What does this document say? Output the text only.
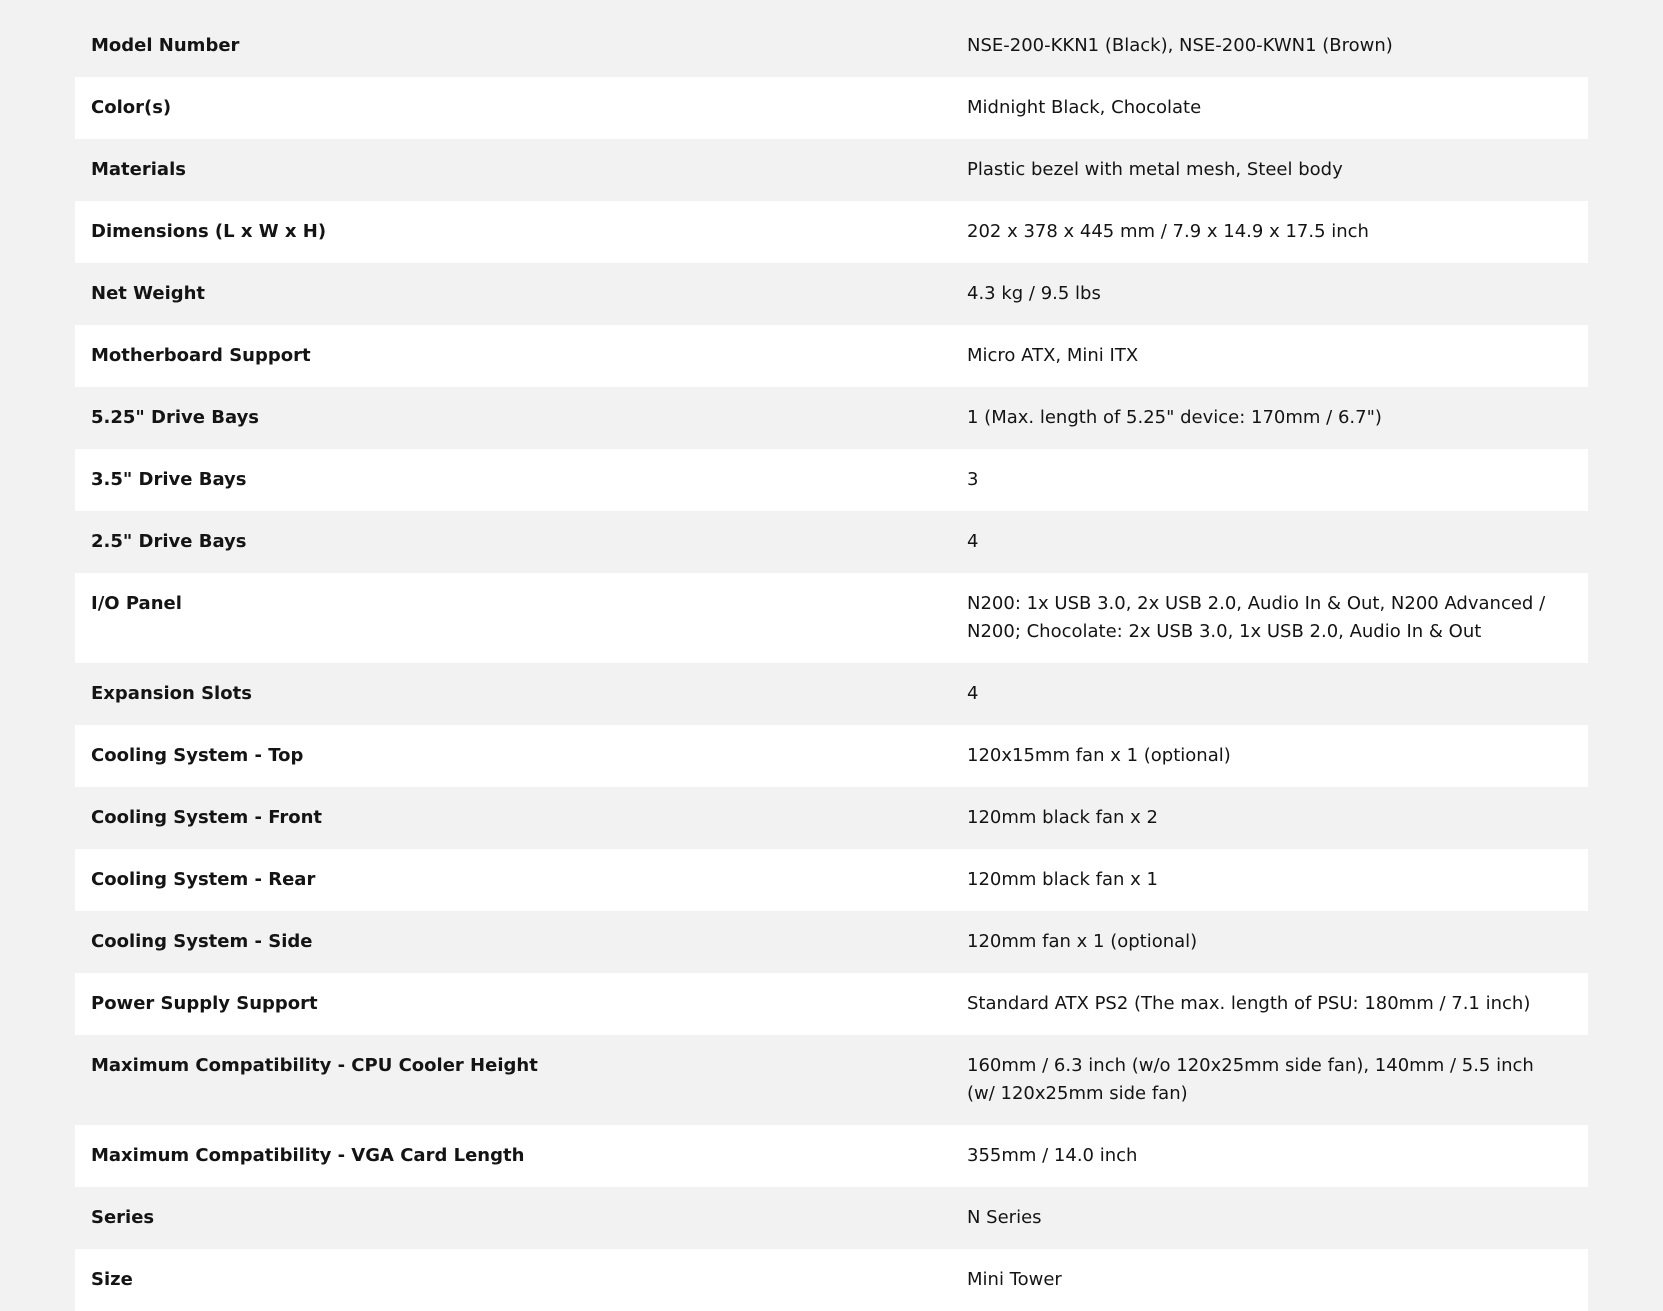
Model Number	NSE-200-KKN1 (Black), NSE-200-KWN1 (Brown)
Color(s)	Midnight Black, Chocolate
Materials	Plastic bezel with metal mesh, Steel body
Dimensions (L x W x H)	202 x 378 x 445 mm / 7.9 x 14.9 x 17.5 inch
Net Weight	4.3 kg / 9.5 lbs
Motherboard Support	Micro ATX, Mini ITX
5.25" Drive Bays	1 (Max. length of 5.25" device: 170mm / 6.7")
3.5" Drive Bays	3
2.5" Drive Bays	4
I/O Panel	N200: 1x USB 3.0, 2x USB 2.0, Audio In & Out, N200 Advanced / N200; Chocolate: 2x USB 3.0, 1x USB 2.0, Audio In & Out
Expansion Slots	4
Cooling System - Top	120x15mm fan x 1 (optional)
Cooling System - Front	120mm black fan x 2
Cooling System - Rear	120mm black fan x 1
Cooling System - Side	120mm fan x 1 (optional)
Power Supply Support	Standard ATX PS2 (The max. length of PSU: 180mm / 7.1 inch)
Maximum Compatibility - CPU Cooler Height	160mm / 6.3 inch (w/o 120x25mm side fan), 140mm / 5.5 inch (w/ 120x25mm side fan)
Maximum Compatibility - VGA Card Length	355mm / 14.0 inch
Series	N Series
Size	Mini Tower
